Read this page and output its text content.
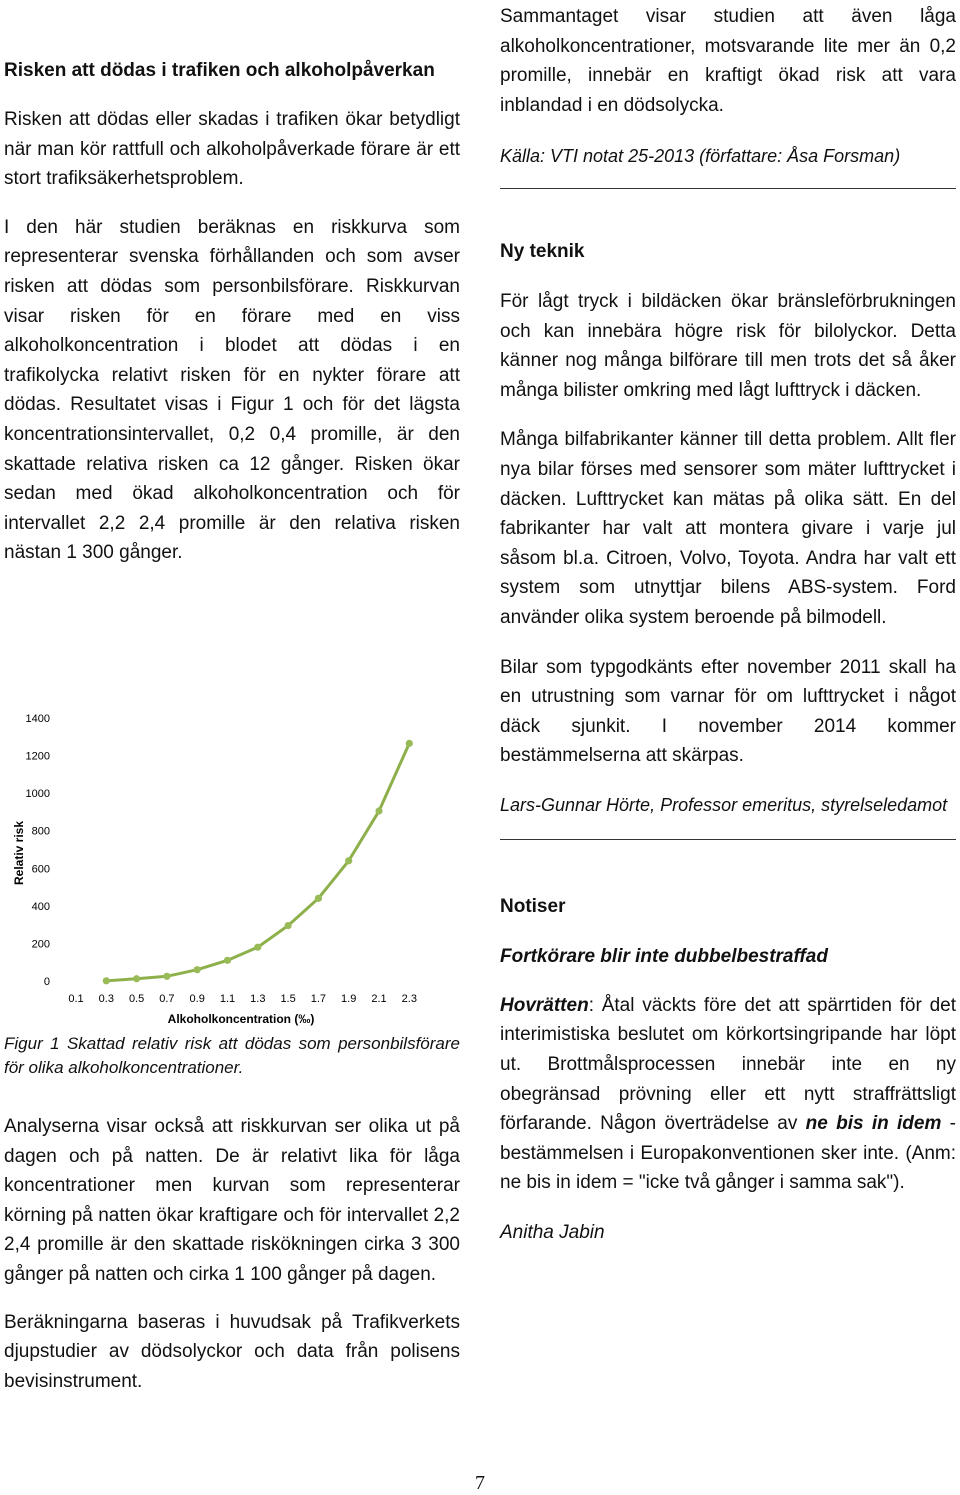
Risken att dödas i trafiken och alkoholpåverkan

Risken att dödas eller skadas i trafiken ökar betydligt när man kör rattfull och alkoholpåverkade förare är ett stort trafiksäkerhetsproblem.

I den här studien beräknas en riskkurva som representerar svenska förhållanden och som avser risken att dödas som personbilsförare. Riskkurvan visar risken för en förare med en viss alkoholkoncentration i blodet att dödas i en trafikolycka relativt risken för en nykter förare att dödas. Resultatet visas i Figur 1 och för det lägsta koncentrationsintervallet, 0,2 0,4 promille, är den skattade relativa risken ca 12 gånger. Risken ökar sedan med ökad alkoholkoncentration och för intervallet 2,2 2,4 promille är den relativa risken nästan 1 300 gånger.

0
200
400
600
800
1000
1200
1400
0.1 0.3 0.5 0.7 0.9 1.1 1.3 1.5 1.7 1.9 2.1 2.3
Relativ risk
Alkoholkoncentration (‰)

Figur 1 Skattad relativ risk att dödas som personbilsförare för olika alkoholkoncentrationer.

Analyserna visar också att riskkurvan ser olika ut på dagen och på natten. De är relativt lika för låga koncentrationer men kurvan som representerar körning på natten ökar kraftigare och för intervallet 2,2 2,4 promille är den skattade riskökningen cirka 3 300 gånger på natten och cirka 1 100 gånger på dagen.

Beräkningarna baseras i huvudsak på Trafikverkets djupstudier av dödsolyckor och data från polisens bevisinstrument.

Sammantaget visar studien att även låga alkoholkoncentrationer, motsvarande lite mer än 0,2 promille, innebär en kraftigt ökad risk att vara inblandad i en dödsolycka.

Källa: VTI notat 25-2013 (författare: Åsa Forsman)

Ny teknik

För lågt tryck i bildäcken ökar bränsleförbrukningen och kan innebära högre risk för bilolyckor. Detta känner nog många bilförare till men trots det så åker många bilister omkring med lågt lufttryck i däcken.

Många bilfabrikanter känner till detta problem. Allt fler nya bilar förses med sensorer som mäter lufttrycket i däcken. Lufttrycket kan mätas på olika sätt. En del fabrikanter har valt att montera givare i varje jul såsom bl.a. Citroen, Volvo, Toyota. Andra har valt ett system som utnyttjar bilens ABS-system. Ford använder olika system beroende på bilmodell.

Bilar som typgodkänts efter november 2011 skall ha en utrustning som varnar för om lufttrycket i något däck sjunkit. I november 2014 kommer bestämmelserna att skärpas.

Lars-Gunnar Hörte, Professor emeritus, styrelseledamot

Notiser
Fortkörare blir inte dubbelbestraffad

Hovrätten: Åtal väckts före det att spärrtiden för det interimistiska beslutet om körkortsingripande har löpt ut. Brottmålsprocessen innebär inte en ny obegränsad prövning eller ett nytt straffrättsligt förfarande. Någon överträdelse av ne bis in idem - bestämmelsen i Europakonventionen sker inte. (Anm: ne bis in idem = "icke två gånger i samma sak").

Anitha Jabin

7
